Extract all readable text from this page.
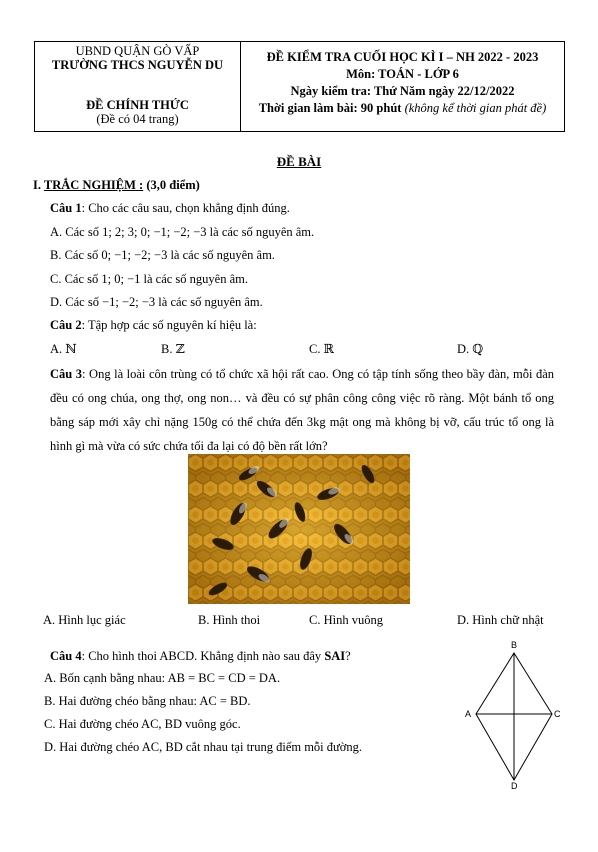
UBND QUẬN GÒ VẤP
TRƯỜNG THCS NGUYỄN DU
ĐỀ CHÍNH THỨC
(Đề có 04 trang)
ĐỀ KIỂM TRA CUỐI HỌC KÌ I – NH 2022 - 2023
Môn: TOÁN - LỚP 6
Ngày kiểm tra: Thứ Năm ngày 22/12/2022
Thời gian làm bài: 90 phút (không kể thời gian phát đề)
ĐỀ BÀI
I. TRẮC NGHIỆM : (3,0 điểm)
Câu 1: Cho các câu sau, chọn khẳng định đúng.
A. Các số 1; 2; 3; 0; −1; −2; −3 là các số nguyên âm.
B. Các số 0; −1; −2; −3 là các số nguyên âm.
C. Các số 1; 0; −1 là các số nguyên âm.
D. Các số −1; −2; −3 là các số nguyên âm.
Câu 2: Tập hợp các số nguyên kí hiệu là:
A. ℕ	B. ℤ	C. ℝ	D. ℚ
Câu 3: Ong là loài côn trùng có tổ chức xã hội rất cao. Ong có tập tính sống theo bầy đàn, mỗi đàn đều có ong chúa, ong thợ, ong non… và đều có sự phân công công việc rõ ràng. Một bánh tổ ong bằng sáp mới xây chỉ nặng 150g có thể chứa đến 3kg mật ong mà không bị vỡ, cấu trúc tổ ong là hình gì mà vừa có sức chứa tối đa lại có độ bền rất lớn?
A. Hình lục giác	B. Hình thoi	C. Hình vuông	D. Hình chữ nhật
Câu 4: Cho hình thoi ABCD. Khẳng định nào sau đây SAI?
A. Bốn cạnh bằng nhau: AB = BC = CD = DA.
B. Hai đường chéo bằng nhau: AC = BD.
C. Hai đường chéo AC, BD vuông góc.
D. Hai đường chéo AC, BD cắt nhau tại trung điểm mỗi đường.
B
A	C
D
